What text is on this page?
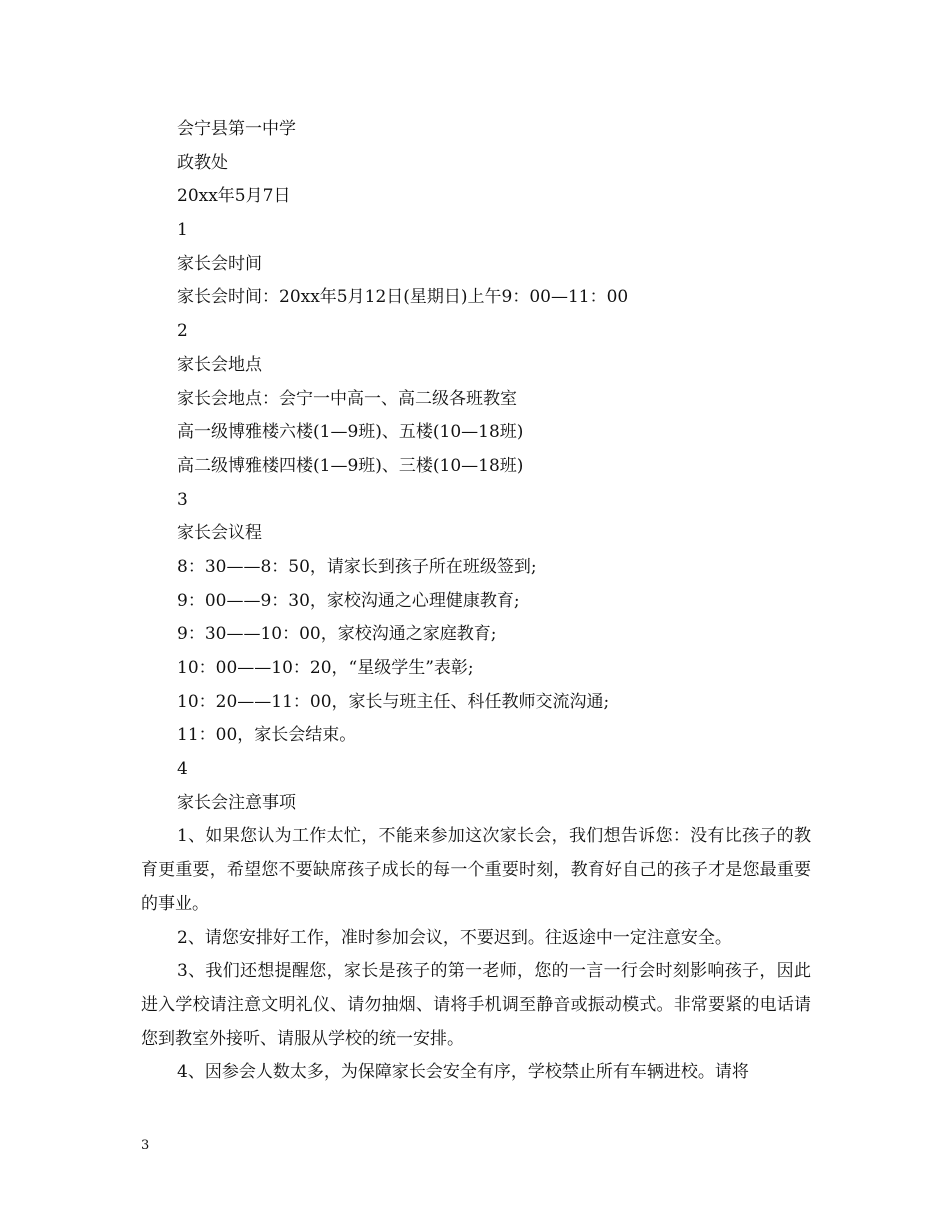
会宁县第一中学
政教处
20xx年5月7日
1
家长会时间
家长会时间：20xx年5月12日(星期日)上午9：00—11：00
2
家长会地点
家长会地点：会宁一中高一、高二级各班教室
高一级博雅楼六楼(1—9班)、五楼(10—18班)
高二级博雅楼四楼(1—9班)、三楼(10—18班)
3
家长会议程
8：30——8：50，请家长到孩子所在班级签到;
9：00——9：30，家校沟通之心理健康教育;
9：30——10：00，家校沟通之家庭教育;
10：00——10：20，“星级学生”表彰;
10：20——11：00，家长与班主任、科任教师交流沟通;
11：00，家长会结束。
4
家长会注意事项

1、如果您认为工作太忙，不能来参加这次家长会，我们想告诉您：没有比孩子的教育更重要，希望您不要缺席孩子成长的每一个重要时刻，教育好自己的孩子才是您最重要的事业。

2、请您安排好工作，准时参加会议，不要迟到。往返途中一定注意安全。

3、我们还想提醒您，家长是孩子的第一老师，您的一言一行会时刻影响孩子，因此进入学校请注意文明礼仪、请勿抽烟、请将手机调至静音或振动模式。非常要紧的电话请您到教室外接听、请服从学校的统一安排。

4、因参会人数太多，为保障家长会安全有序，学校禁止所有车辆进校。请将

3
